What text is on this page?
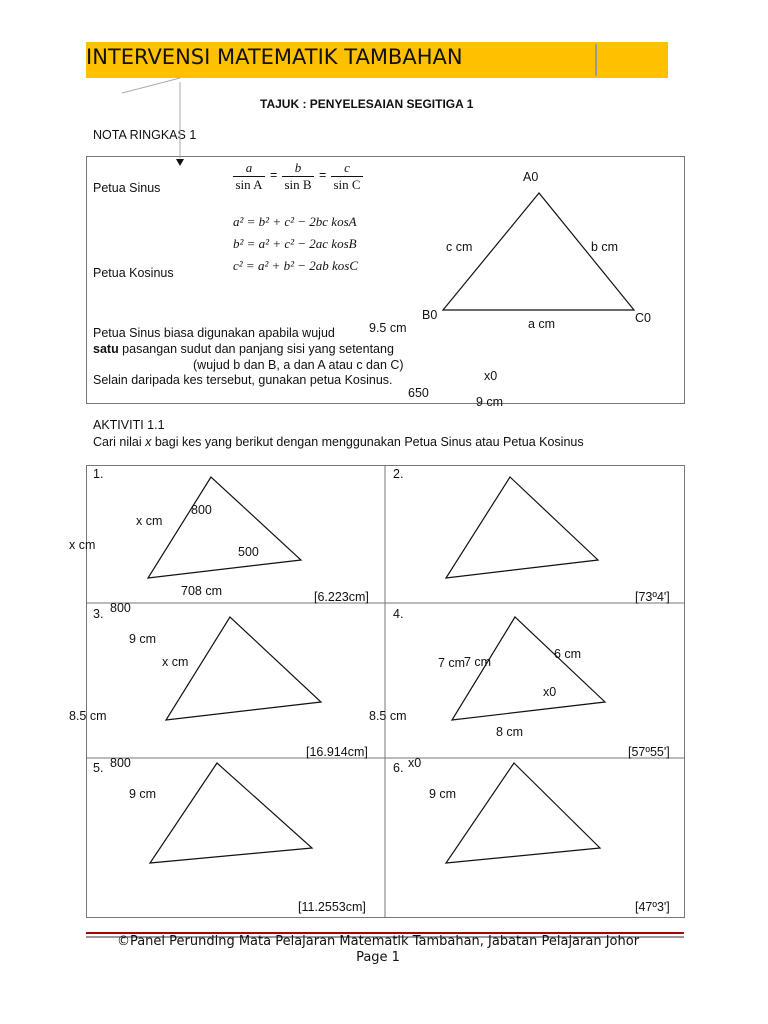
INTERVENSI MATEMATIK TAMBAHAN
TAJUK : PENYELESAIAN SEGITIGA 1
NOTA RINGKAS 1
Petua Sinus	$\frac{a}{\text{sin A}} = \frac{b}{\text{sin B}} = \frac{c}{\text{sin C}}$
a² = b² + c² − 2bc kosA
b² = a² + c² − 2ac kosB
c² = a² + b² − 2ab kosC
Petua Kosinus
Petua Sinus biasa digunakan apabila wujud
satu pasangan sudut dan panjang sisi yang setentang
(wujud b dan B, a dan A atau c dan C)
Selain daripada kes tersebut, gunakan petua Kosinus.
9.5 cm
650
x0
9 cm
A0
B0	C0
c cm	b cm
a cm
AKTIVITI 1.1
Cari nilai x bagi kes yang berikut dengan menggunakan Petua Sinus atau Petua Kosinus
1.
800
x cm
500
708 cm
x cm
[6.223cm]
2.
[73º4']
3. 800
9 cm
x cm
8.5 cm
[16.914cm]
4.
7 cm
7 cm
6 cm
x0
8.5 cm
8 cm
[57º55']
5. 800
9 cm
[11.2553cm]
6. x0
9 cm
[47º3']
©Panel Perunding Mata Pelajaran Matematik Tambahan, Jabatan Pelajaran Johor
Page 1
